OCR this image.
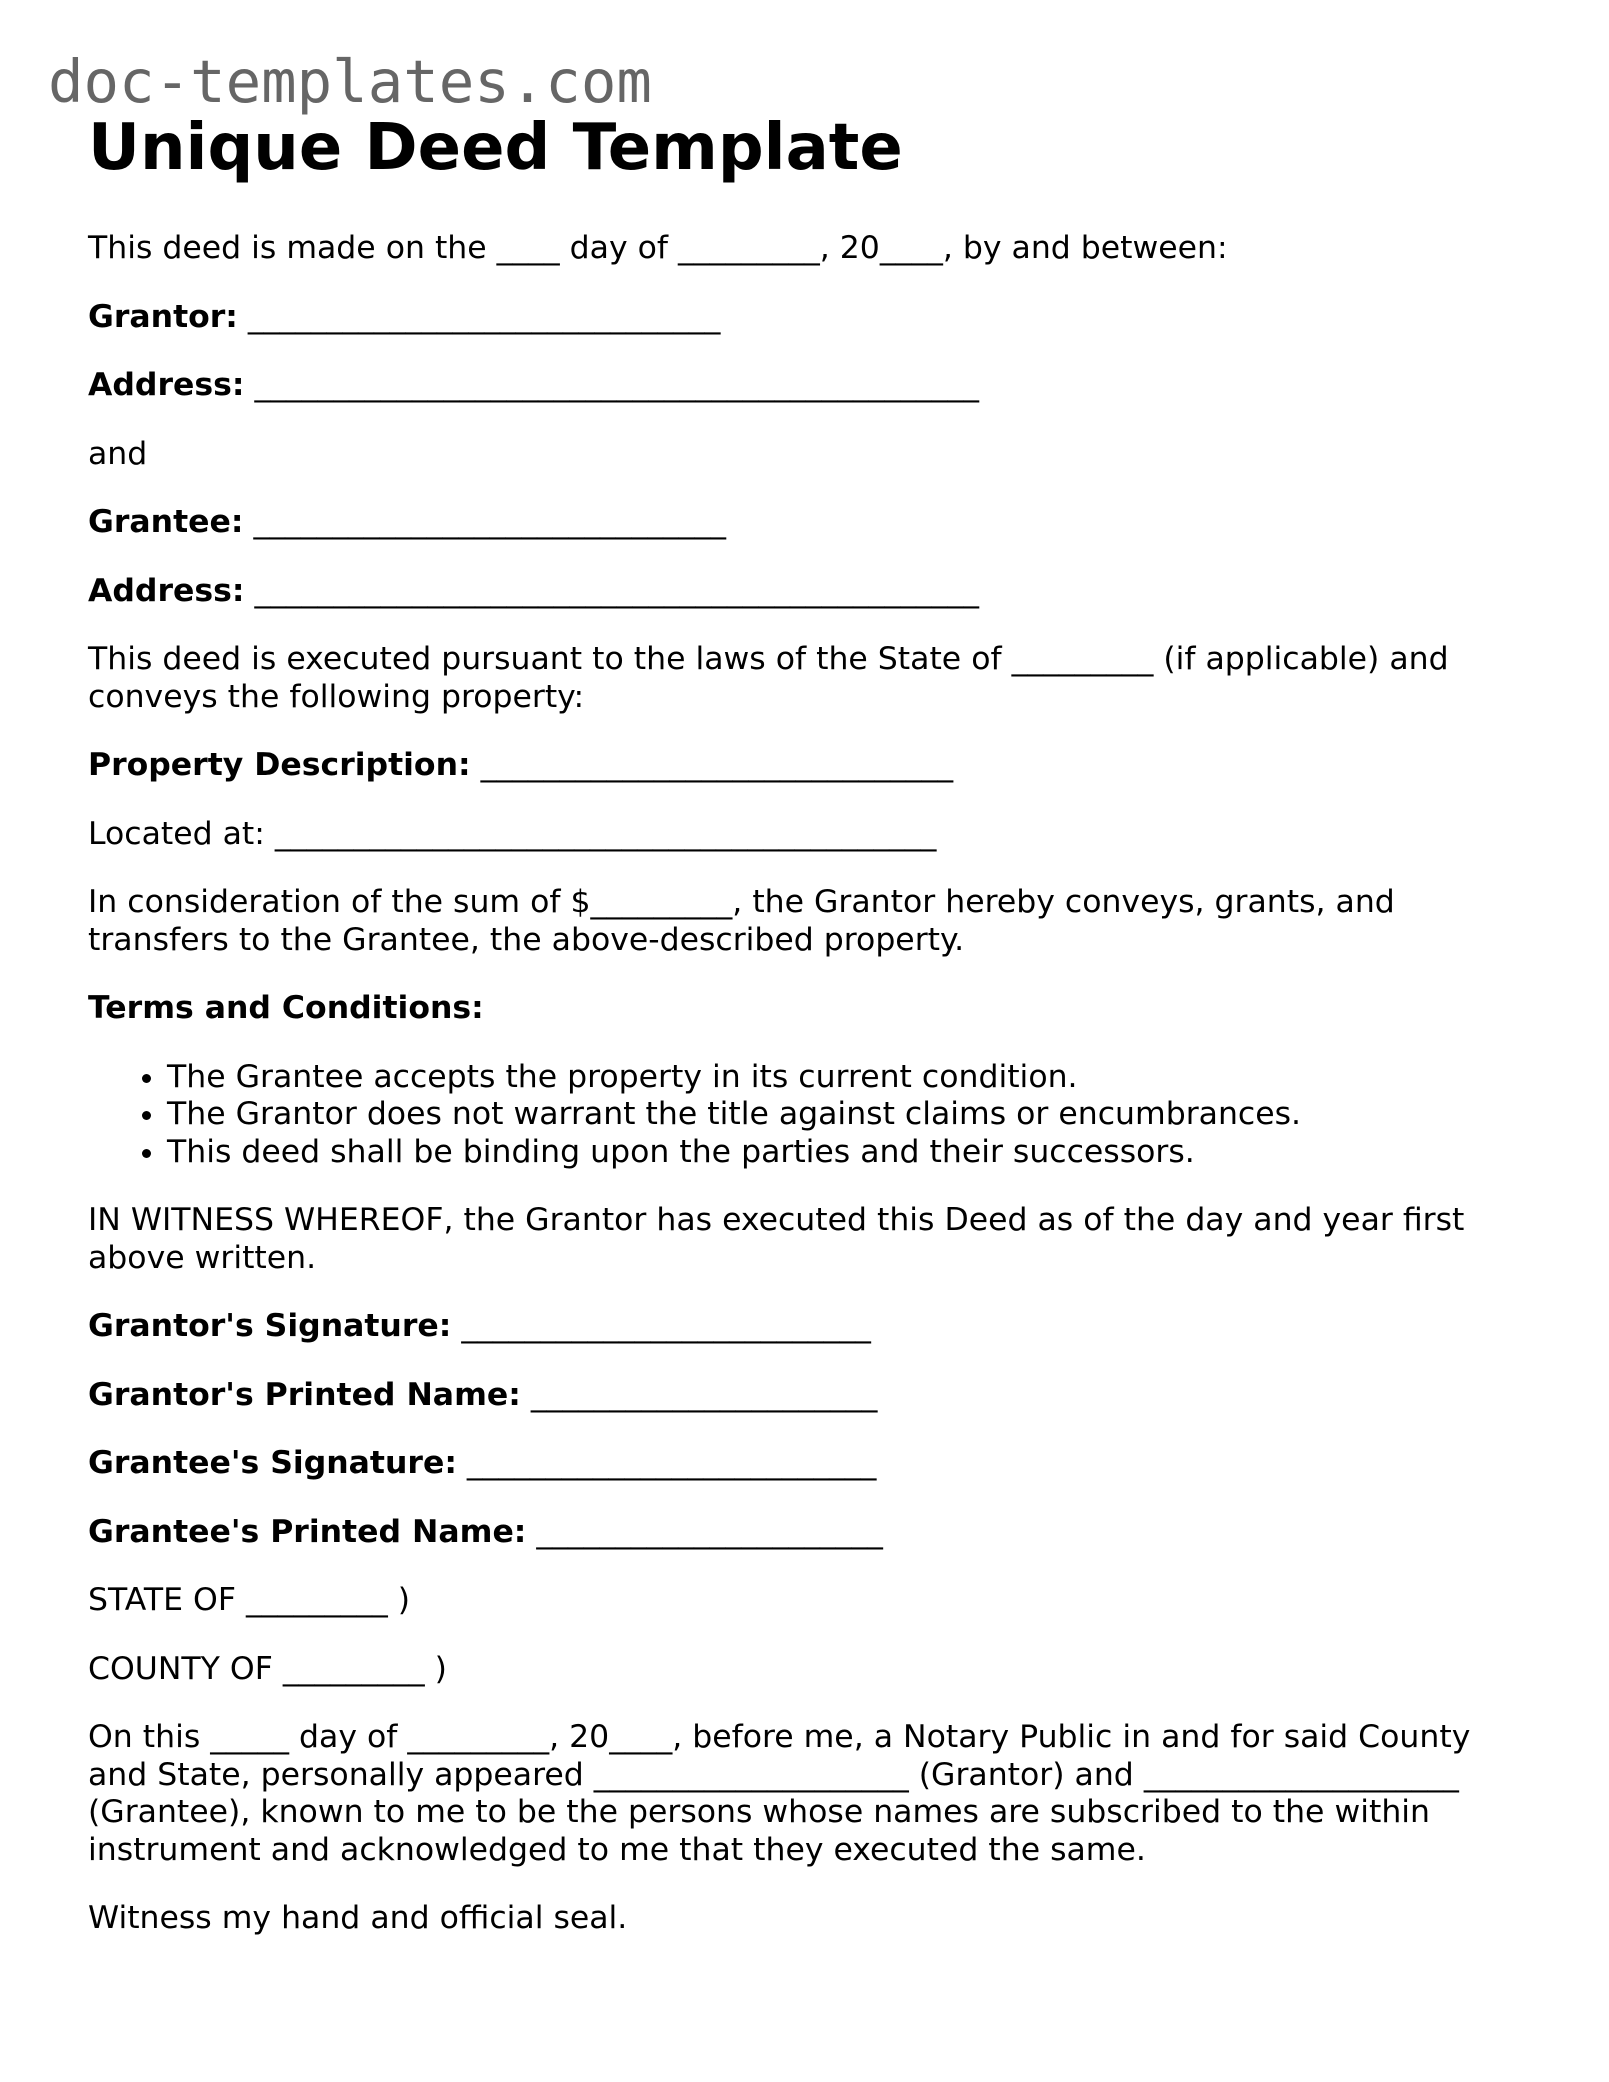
doc-templates.com
Unique Deed Template

This deed is made on the ____ day of _________, 20____, by and between:

Grantor: ______________________________

Address: ______________________________________________

and

Grantee: ______________________________

Address: ______________________________________________

This deed is executed pursuant to the laws of the State of _________ (if applicable) and conveys the following property:

Property Description: ______________________________

Located at: __________________________________________

In consideration of the sum of $_________, the Grantor hereby conveys, grants, and transfers to the Grantee, the above-described property.

Terms and Conditions:

• The Grantee accepts the property in its current condition.
• The Grantor does not warrant the title against claims or encumbrances.
• This deed shall be binding upon the parties and their successors.

IN WITNESS WHEREOF, the Grantor has executed this Deed as of the day and year first above written.

Grantor's Signature: __________________________

Grantor's Printed Name: ______________________

Grantee's Signature: __________________________

Grantee's Printed Name: ______________________

STATE OF _________ )

COUNTY OF _________ )

On this _____ day of _________, 20____, before me, a Notary Public in and for said County and State, personally appeared ____________________ (Grantor) and ____________________ (Grantee), known to me to be the persons whose names are subscribed to the within instrument and acknowledged to me that they executed the same.

Witness my hand and official seal.
